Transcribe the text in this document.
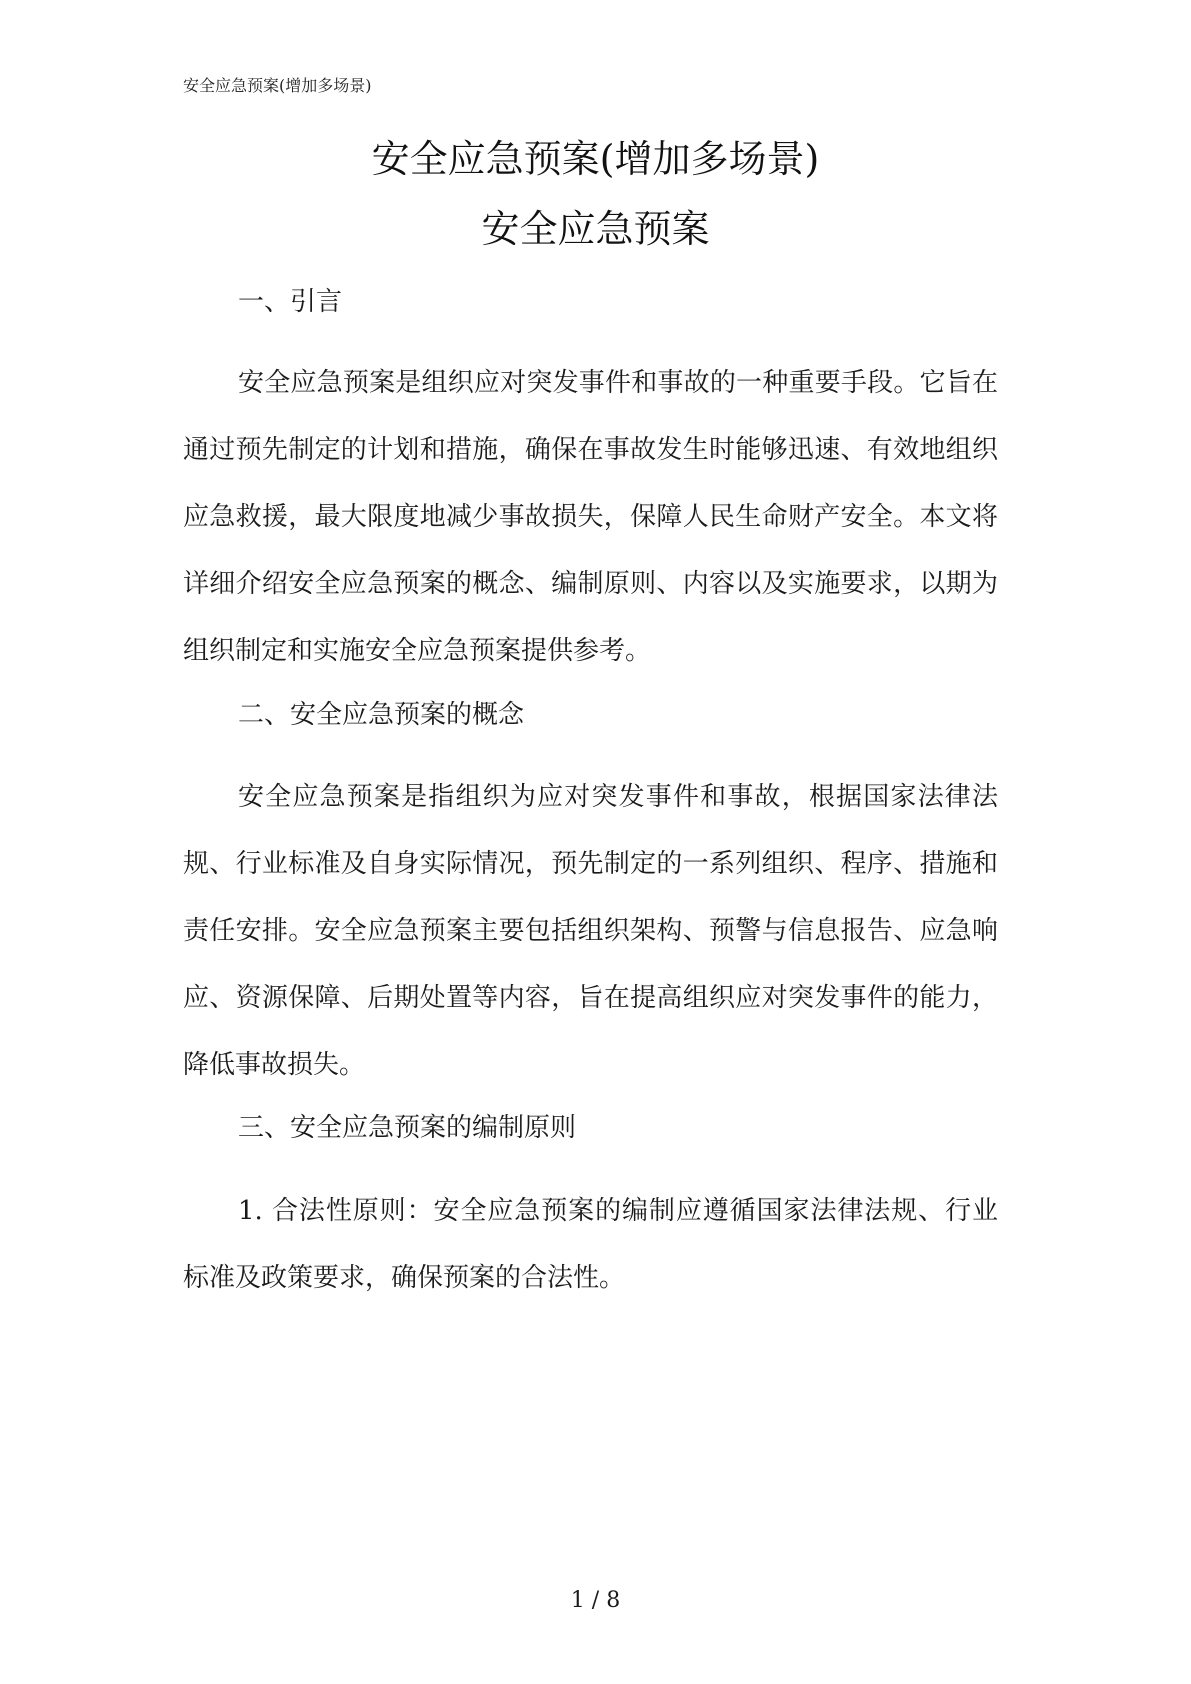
安全应急预案(增加多场景)
安全应急预案(增加多场景)
安全应急预案
一、引言

安全应急预案是组织应对突发事件和事故的一种重要手段。它旨在通过预先制定的计划和措施，确保在事故发生时能够迅速、有效地组织应急救援，最大限度地减少事故损失，保障人民生命财产安全。本文将详细介绍安全应急预案的概念、编制原则、内容以及实施要求，以期为组织制定和实施安全应急预案提供参考。

二、安全应急预案的概念

安全应急预案是指组织为应对突发事件和事故，根据国家法律法规、行业标准及自身实际情况，预先制定的一系列组织、程序、措施和责任安排。安全应急预案主要包括组织架构、预警与信息报告、应急响应、资源保障、后期处置等内容，旨在提高组织应对突发事件的能力，降低事故损失。

三、安全应急预案的编制原则

1. 合法性原则：安全应急预案的编制应遵循国家法律法规、行业标准及政策要求，确保预案的合法性。

1 / 8
